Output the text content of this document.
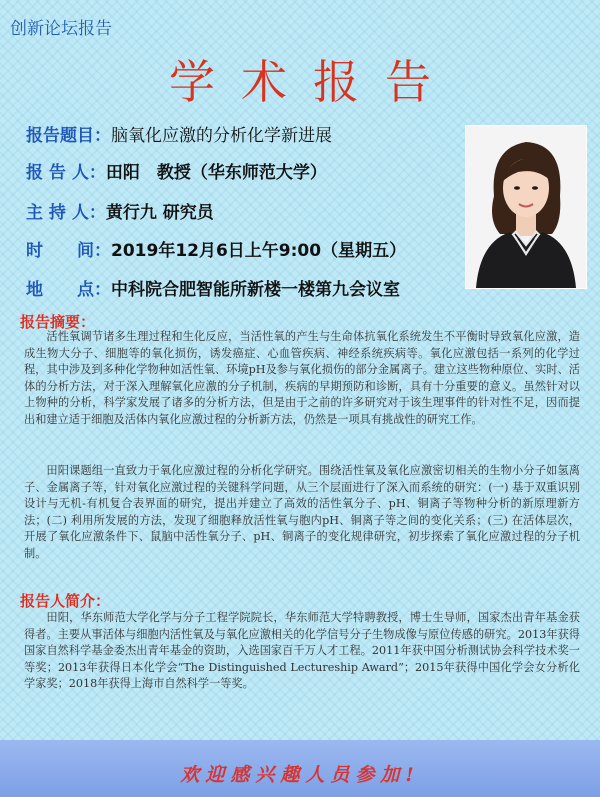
创新论坛报告
学术报告
报告题目：脑氧化应激的分析化学新进展
报 告 人：田阳　教授（华东师范大学）
主 持 人：黄行九 研究员
时　　间：2019年12月6日上午9:00（星期五）
地　　点：中科院合肥智能所新楼一楼第九会议室
报告摘要：

活性氧调节诸多生理过程和生化反应，当活性氧的产生与生命体抗氧化系统发生不平衡时导致氧化应激，造成生物大分子、细胞等的氧化损伤，诱发癌症、心血管疾病、神经系统疾病等。氧化应激包括一系列的化学过程，其中涉及到多种化学物种如活性氧、环境pH及参与氧化损伤的部分金属离子。建立这些物种原位、实时、活体的分析方法，对于深入理解氧化应激的分子机制，疾病的早期预防和诊断，具有十分重要的意义。虽然针对以上物种的分析，科学家发展了诸多的分析方法，但是由于之前的许多研究对于该生理事件的针对性不足，因而提出和建立适于细胞及活体内氧化应激过程的分析新方法，仍然是一项具有挑战性的研究工作。

田阳课题组一直致力于氧化应激过程的分析化学研究。围绕活性氧及氧化应激密切相关的生物小分子如氢离子、金属离子等，针对氧化应激过程的关键科学问题，从三个层面进行了深入而系统的研究：(一) 基于双重识别设计与无机-有机复合表界面的研究，提出并建立了高效的活性氧分子、pH、铜离子等物种分析的新原理新方法；(二) 利用所发展的方法，发现了细胞释放活性氧与胞内pH、铜离子等之间的变化关系；(三) 在活体层次，开展了氧化应激条件下、鼠脑中活性氧分子、pH、铜离子的变化规律研究，初步探索了氧化应激过程的分子机制。

报告人简介：

田阳，华东师范大学化学与分子工程学院院长，华东师范大学特聘教授，博士生导师，国家杰出青年基金获得者。主要从事活体与细胞内活性氧及与氧化应激相关的化学信号分子生物成像与原位传感的研究。2013年获得国家自然科学基金委杰出青年基金的资助，入选国家百千万人才工程。2011年获中国分析测试协会科学技术奖一等奖；2013年获得日本化学会“The Distinguished Lectureship Award”；2015年获得中国化学会女分析化学家奖；2018年获得上海市自然科学一等奖。

欢迎感兴趣人员参加!
